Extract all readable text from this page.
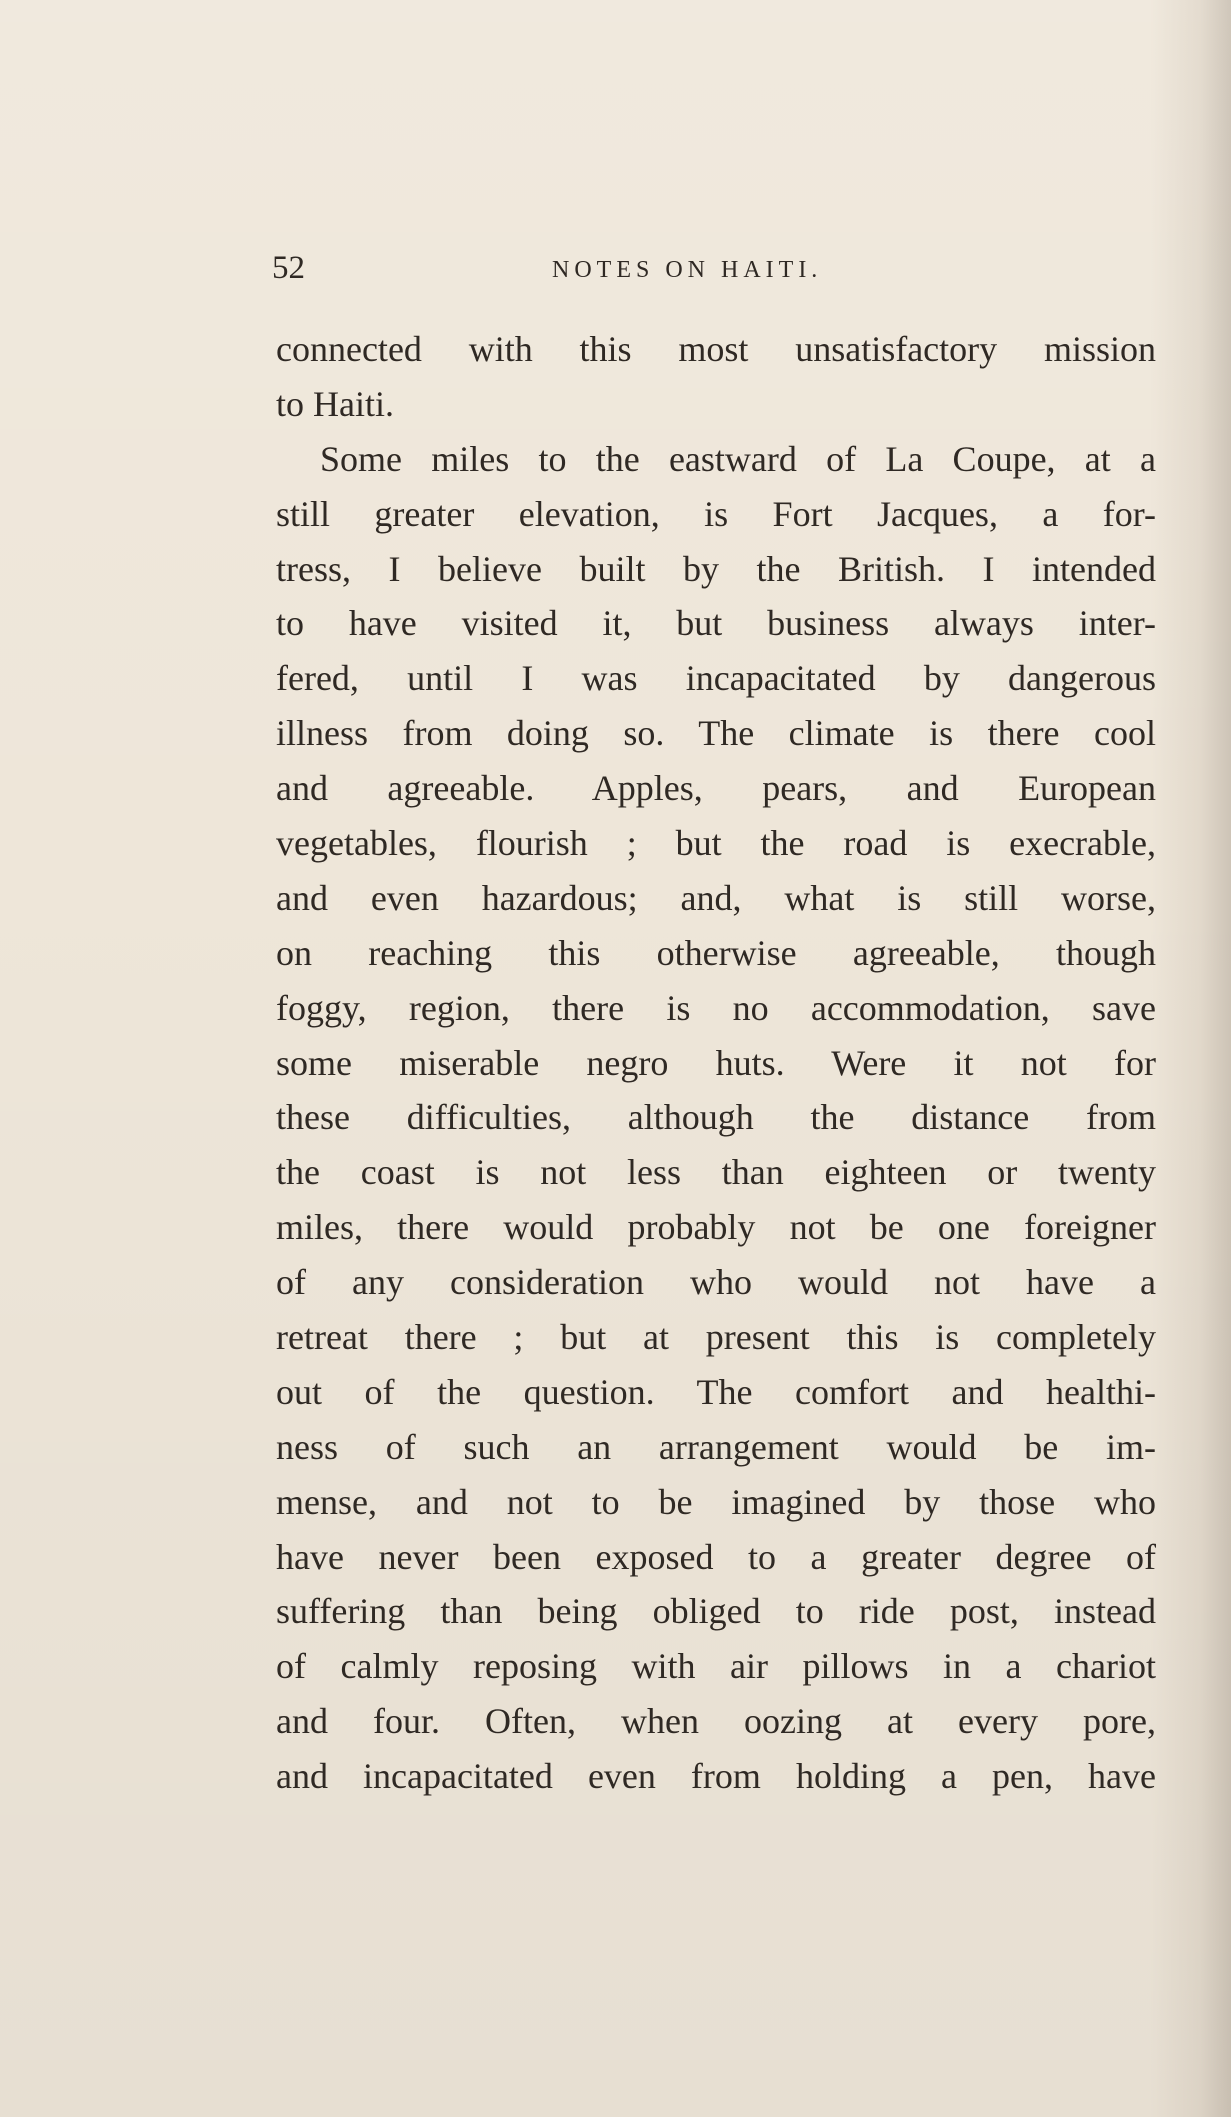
52	NOTES ON HAITI.
connected with this most unsatisfactory mission
to Haiti.
Some miles to the eastward of La Coupe, at a
still greater elevation, is Fort Jacques, a for-
tress, I believe built by the British. I intended
to have visited it, but business always inter-
fered, until I was incapacitated by dangerous
illness from doing so. The climate is there cool
and agreeable. Apples, pears, and European
vegetables, flourish ; but the road is execrable,
and even hazardous; and, what is still worse,
on reaching this otherwise agreeable, though
foggy, region, there is no accommodation, save
some miserable negro huts. Were it not for
these difficulties, although the distance from
the coast is not less than eighteen or twenty
miles, there would probably not be one foreigner
of any consideration who would not have a
retreat there ; but at present this is completely
out of the question. The comfort and healthi-
ness of such an arrangement would be im-
mense, and not to be imagined by those who
have never been exposed to a greater degree of
suffering than being obliged to ride post, instead
of calmly reposing with air pillows in a chariot
and four. Often, when oozing at every pore,
and incapacitated even from holding a pen, have
